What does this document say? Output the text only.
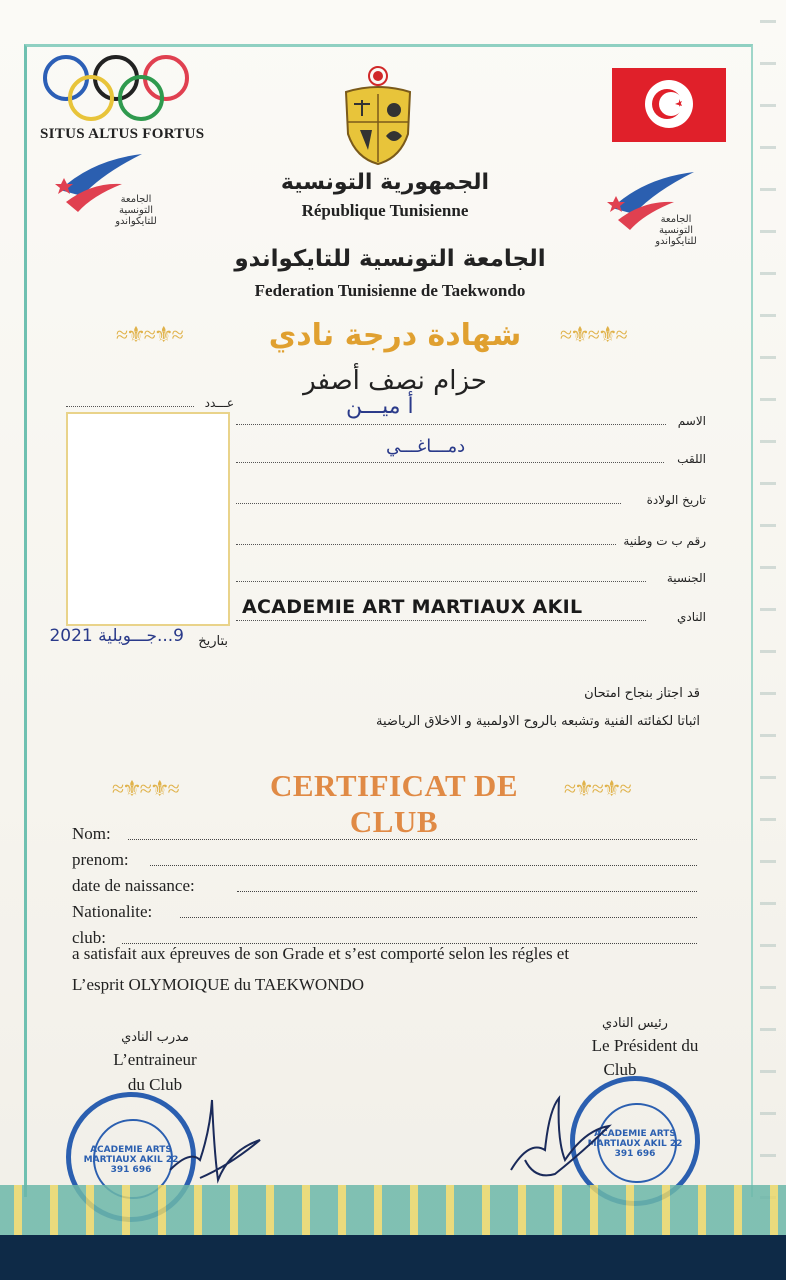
SITUS ALTUS FORTUS
الجامعة التونسية للتايكواندو	الجامعة التونسية للتايكواندو
الجمهورية التونسية
République Tunisienne
الجامعة التونسية للتايكواندو
Federation Tunisienne de Taekwondo
≈⚜≈⚜≈	شهادة درجة نادي	≈⚜≈⚜≈
حزام نصف أصفر
عـــدد
الاسم
أ ميـــن
اللقب
دمـــاغـــي
تاريخ الولادة
رقم ب ت وطنية
الجنسية
النادي
ACADEMIE ART MARTIAUX AKIL
بتاريخ
9...جـــويلية 2021
قد اجتاز بنجاح امتحان
اثباتا لكفائته الفنية وتشبعه بالروح الاولمبية و الاخلاق الرياضية
≈⚜≈⚜≈	CERTIFICAT DE CLUB
≈⚜≈⚜≈
Nom:
prenom:
date de naissance:
Nationalite:
club:
a satisfait aux épreuves de son Grade et s’est comporté selon les régles et
L’esprit OLYMOIQUE du TAEKWONDO
مدرب النادي
L’entraineur
du Club
ACADEMIE ARTS MARTIAUX AKIL 22 391 696
رئيس النادي
Le Président du
Club
ACADEMIE ARTS MARTIAUX AKIL 22 391 696
